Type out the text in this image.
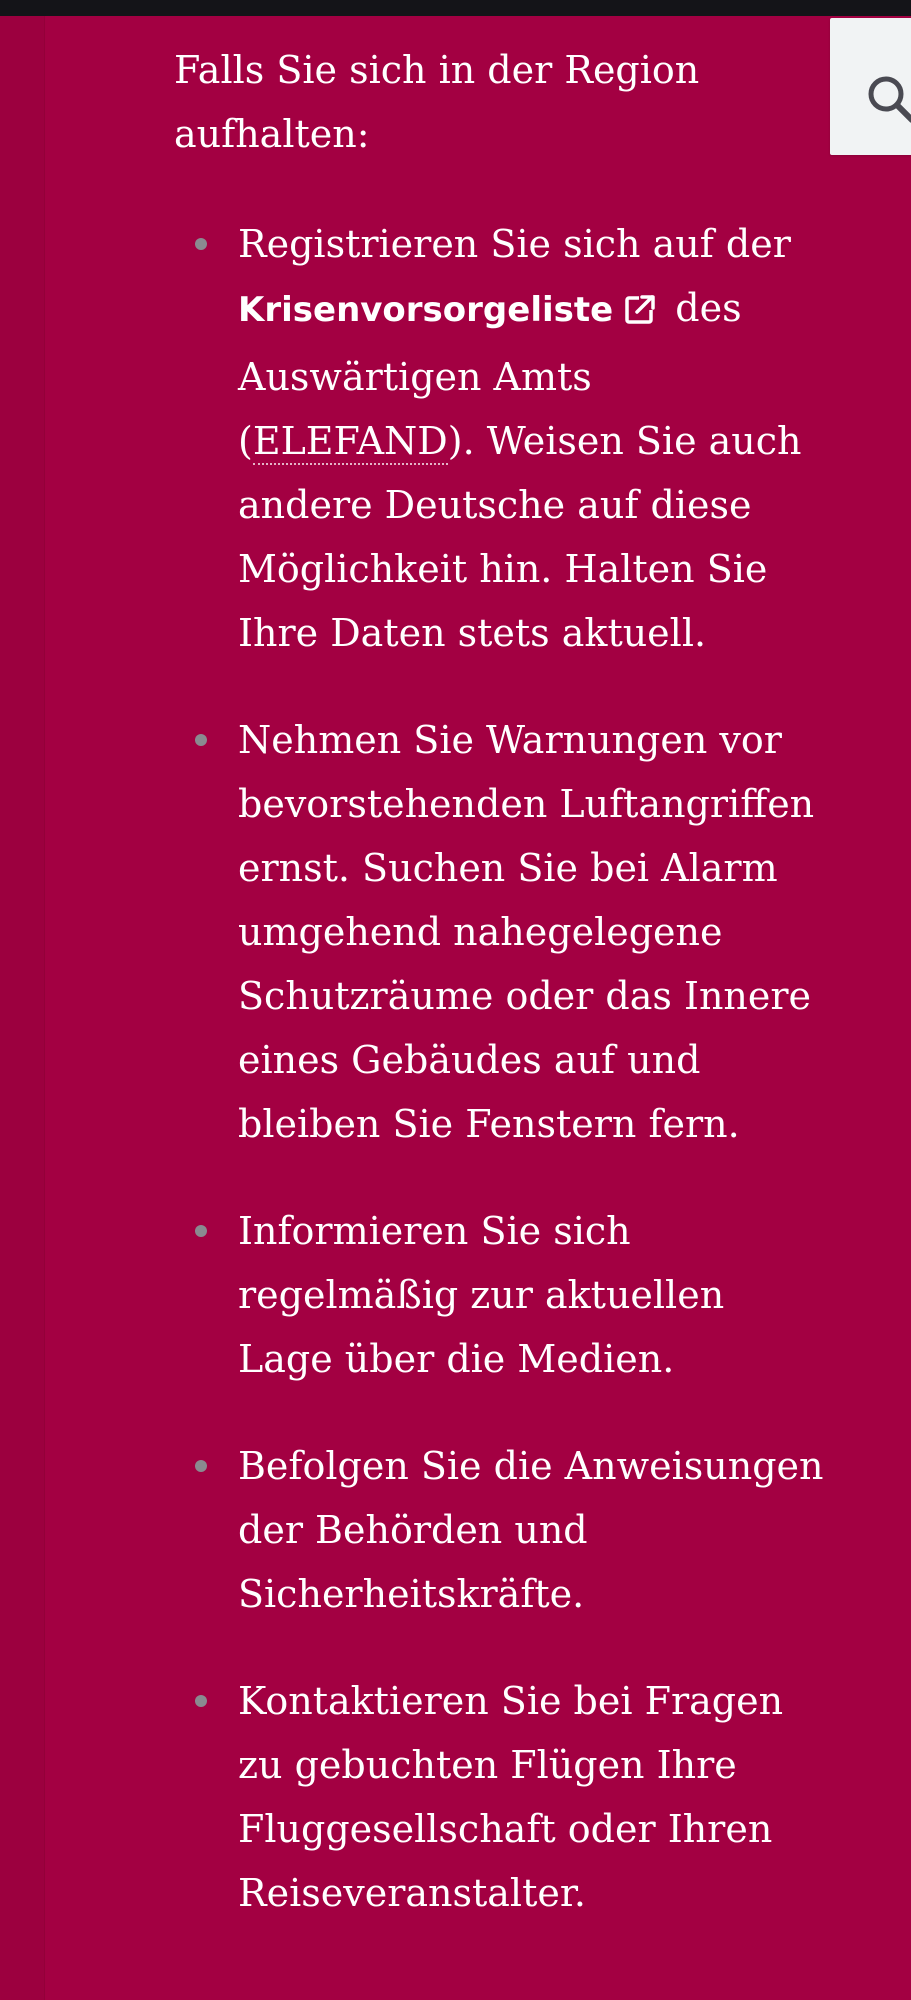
Falls Sie sich in der Region aufhalten:

Registrieren Sie sich auf der Krisenvorsorgeliste des Auswärtigen Amts (ELEFAND). Weisen Sie auch andere Deutsche auf diese Möglichkeit hin. Halten Sie Ihre Daten stets aktuell.
Nehmen Sie Warnungen vor bevorstehenden Luftangriffen ernst. Suchen Sie bei Alarm umgehend nahegelegene Schutzräume oder das Innere eines Gebäudes auf und bleiben Sie Fenstern fern.
Informieren Sie sich regelmäßig zur aktuellen Lage über die Medien.
Befolgen Sie die Anweisungen der Behörden und Sicherheitskräfte.
Kontaktieren Sie bei Fragen zu gebuchten Flügen Ihre Fluggesellschaft oder Ihren Reiseveranstalter.
